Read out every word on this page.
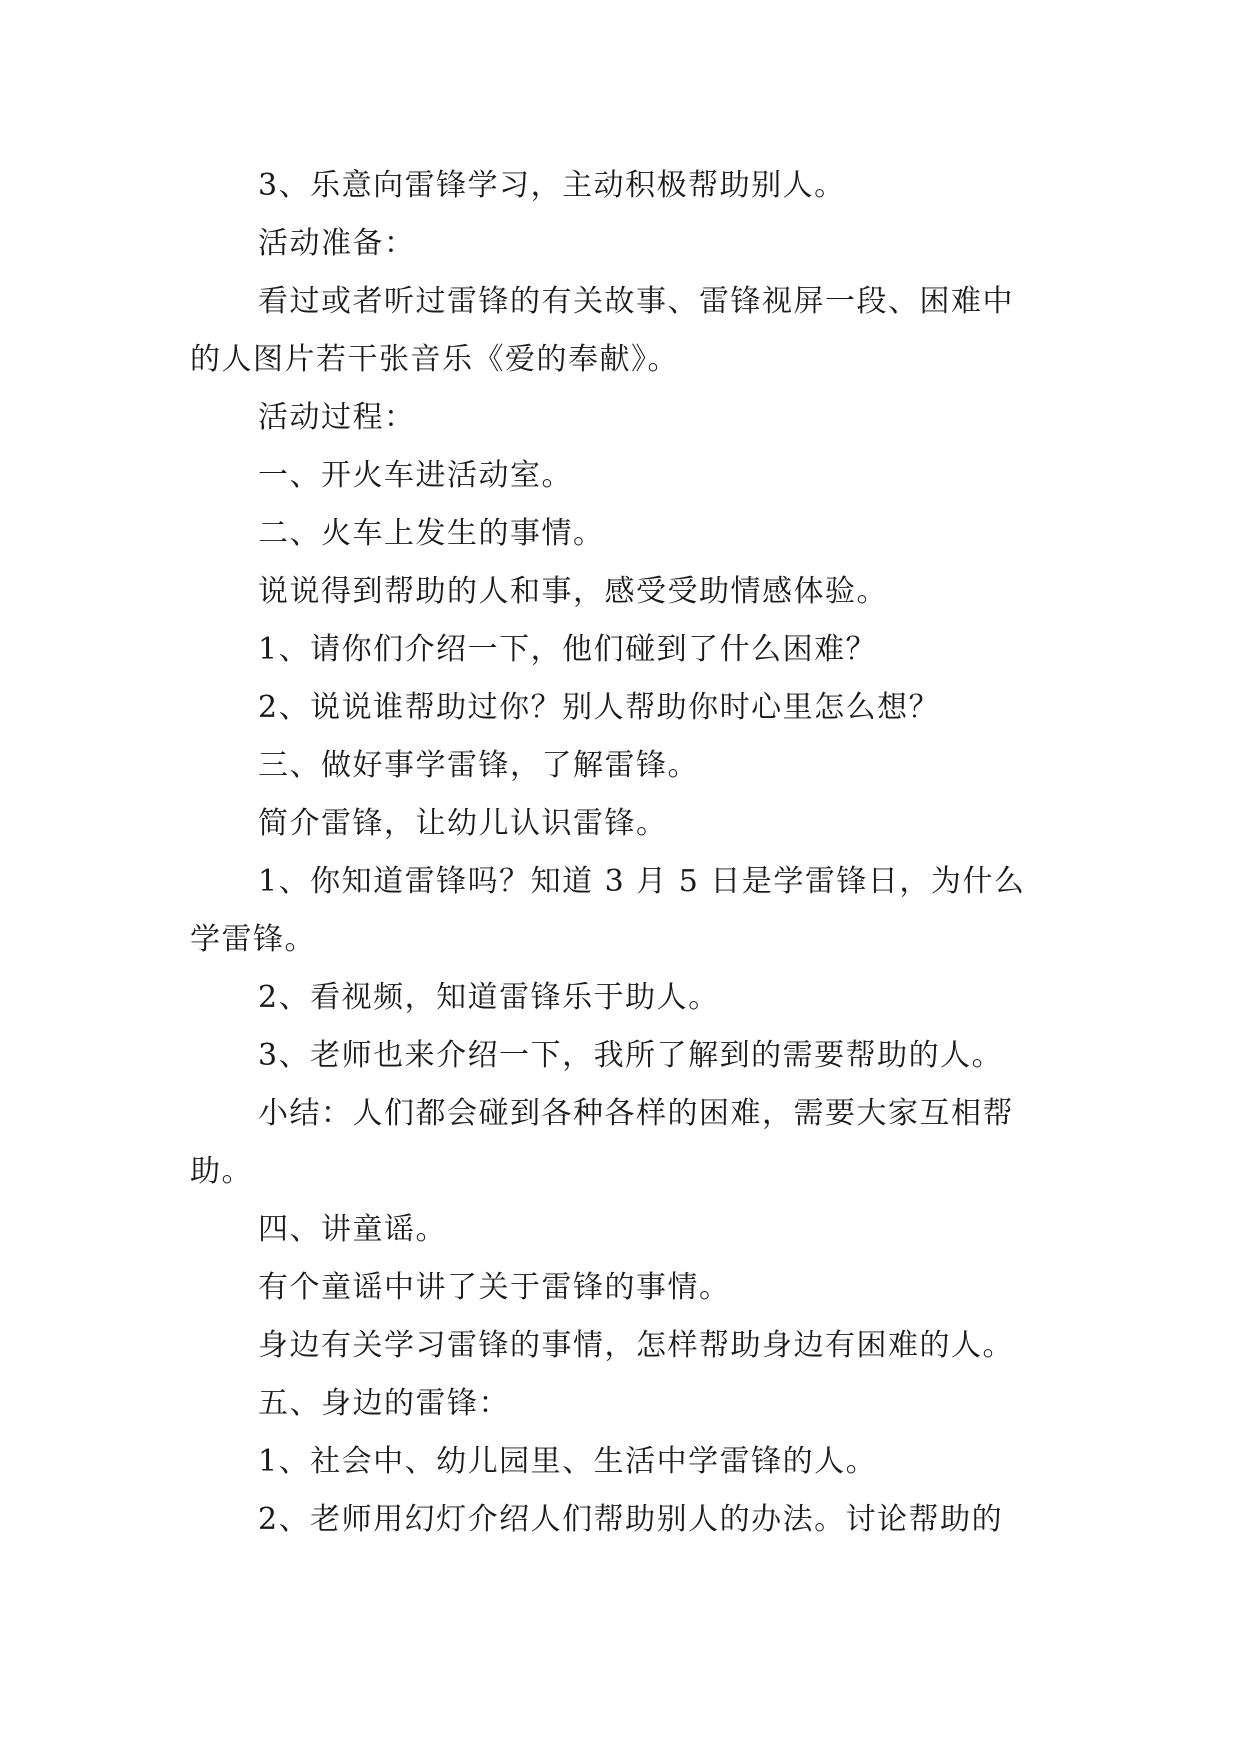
3、乐意向雷锋学习，主动积极帮助别人。
活动准备：
看过或者听过雷锋的有关故事、雷锋视屏一段、困难中
的人图片若干张音乐《爱的奉献》。
活动过程：
一、开火车进活动室。
二、火车上发生的事情。
说说得到帮助的人和事，感受受助情感体验。
1、请你们介绍一下，他们碰到了什么困难？
2、说说谁帮助过你？别人帮助你时心里怎么想？
三、做好事学雷锋，了解雷锋。
简介雷锋，让幼儿认识雷锋。
1、你知道雷锋吗？知道 3 月 5 日是学雷锋日，为什么
学雷锋。
2、看视频，知道雷锋乐于助人。
3、老师也来介绍一下，我所了解到的需要帮助的人。
小结：人们都会碰到各种各样的困难，需要大家互相帮
助。
四、讲童谣。
有个童谣中讲了关于雷锋的事情。
身边有关学习雷锋的事情，怎样帮助身边有困难的人。
五、身边的雷锋：
1、社会中、幼儿园里、生活中学雷锋的人。
2、老师用幻灯介绍人们帮助别人的办法。讨论帮助的
